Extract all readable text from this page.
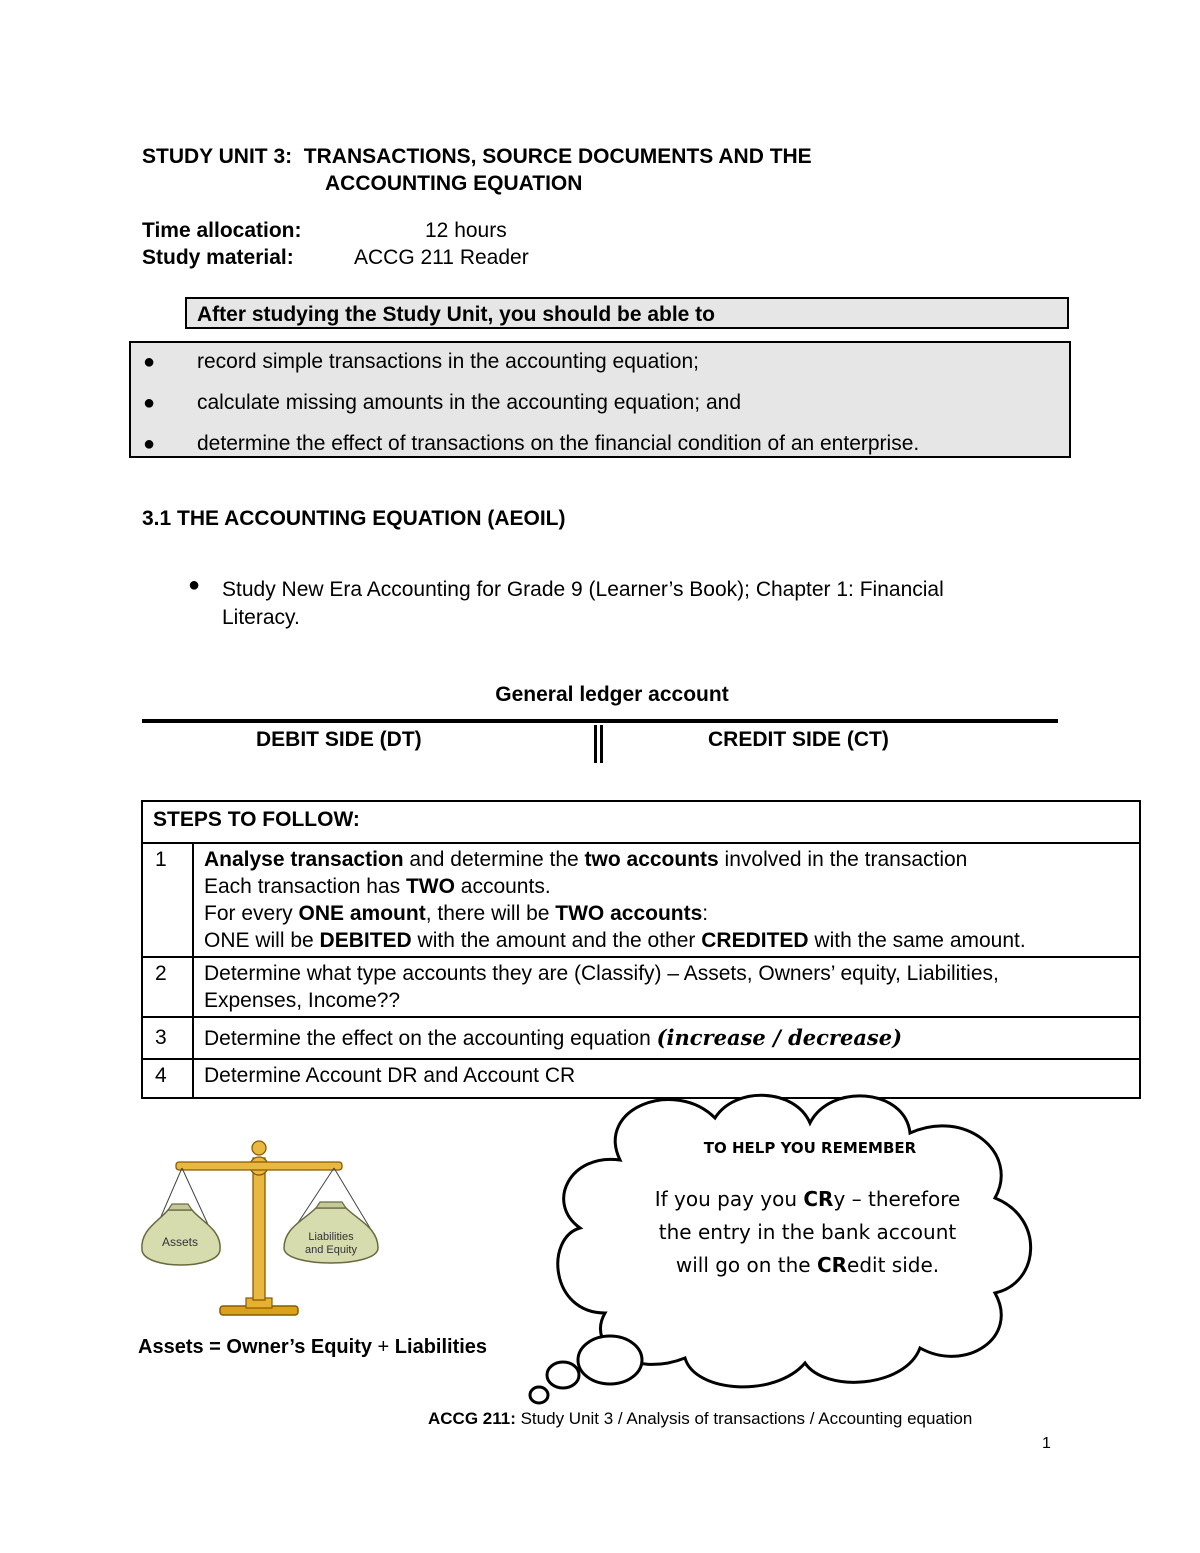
STUDY UNIT 3:  TRANSACTIONS, SOURCE DOCUMENTS AND THE
ACCOUNTING EQUATION
Time allocation:	12 hours
Study material:	ACCG 211 Reader
After studying the Study Unit, you should be able to
● record simple transactions in the accounting equation;
● calculate missing amounts in the accounting equation; and
● determine the effect of transactions on the financial condition of an enterprise.
3.1 THE ACCOUNTING EQUATION (AEOIL)
● Study New Era Accounting for Grade 9 (Learner’s Book); Chapter 1: Financial
Literacy.
General ledger account
DEBIT SIDE (DT)	CREDIT SIDE (CT)
STEPS TO FOLLOW:	
1	Analyse transaction and determine the two accounts involved in the transaction
Each transaction has TWO accounts.
For every ONE amount, there will be TWO accounts:
ONE will be DEBITED with the amount and the other CREDITED with the same amount.
2	Determine what type accounts they are (Classify) – Assets, Owners’ equity, Liabilities,
Expenses, Income??
3	Determine the effect on the accounting equation (increase / decrease)
4	Determine Account DR and Account CR
Assets	Liabilities
and Equity
Assets = Owner’s Equity + Liabilities
TO HELP YOU REMEMBER
If you pay you CRy – therefore
the entry in the bank account
will go on the CRedit side.
ACCG 211: Study Unit 3 / Analysis of transactions / Accounting equation
1
